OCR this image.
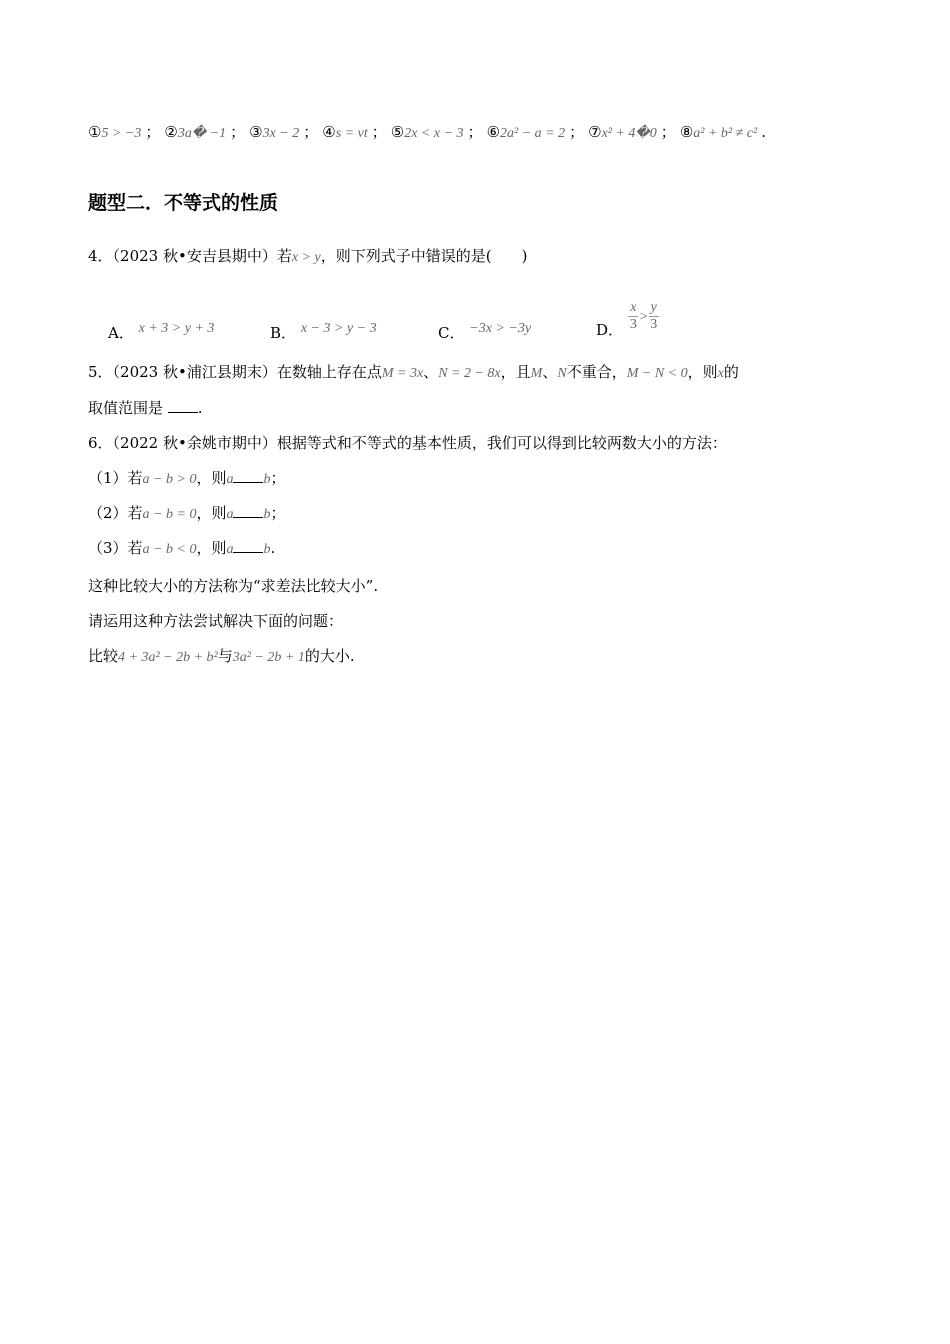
①5 > −3 ； ②3a� −1 ； ③3x − 2 ； ④s = vt ； ⑤2x < x − 3 ； ⑥2a² − a = 2 ； ⑦x² + 4�0 ； ⑧a² + b² ≠ c² .
题型二．不等式的性质
4．（2023 秋•安吉县期中）若x > y，则下列式子中错误的是(　　)
A． x + 3 > y + 3	B． x − 3 > y − 3	C． −3x > −3y	D． $\frac{x}{3} > \frac{y}{3}$
5．（2023 秋•浦江县期末）在数轴上存在点M = 3x、N = 2 − 8x，且M、N不重合，M − N < 0，则x的
取值范围是 .
6．（2022 秋•余姚市期中）根据等式和不等式的基本性质，我们可以得到比较两数大小的方法：
（1）若a − b > 0，则a b；
（2）若a − b = 0，则a b；
（3）若a − b < 0，则a b.
这种比较大小的方法称为“求差法比较大小”.
请运用这种方法尝试解决下面的问题：
比较4 + 3a² − 2b + b²与3a² − 2b + 1的大小.
